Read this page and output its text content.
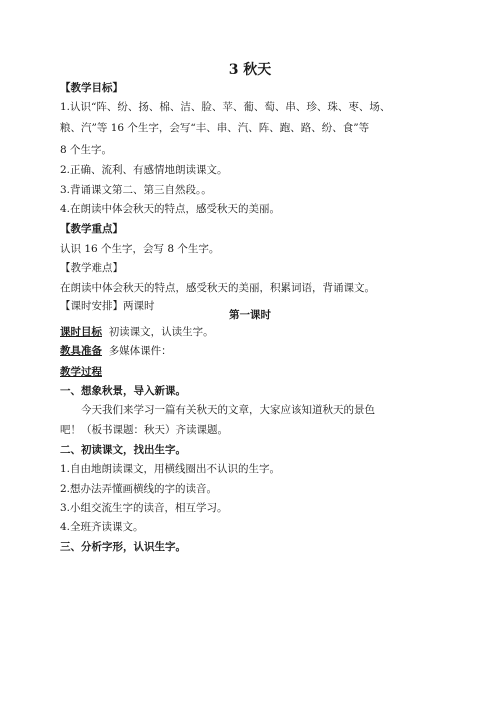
3 秋天
【教学目标】
1.认识“阵、纷、扬、棉、洁、脸、苹、葡、萄、串、珍、珠、枣、场、
粮、汽”等 16 个生字，会写“丰、串、汽、阵、跑、路、纷、食”等
8 个生字。
2.正确、流利、有感情地朗读课文。
3.背诵课文第二、第三自然段。。
4.在朗读中体会秋天的特点，感受秋天的美丽。
【教学重点】
认识 16 个生字，会写 8 个生字。
【教学难点】
在朗读中体会秋天的特点，感受秋天的美丽，积累词语，背诵课文。
【课时安排】两课时
第一课时
课时目标 初读课文，认读生字。
教具准备 多媒体课件：
教学过程
一、想象秋景，导入新课。
今天我们来学习一篇有关秋天的文章，大家应该知道秋天的景色
吧！（板书课题：秋天）齐读课题。
二、初读课文，找出生字。
1.自由地朗读课文，用横线圈出不认识的生字。
2.想办法弄懂画横线的字的读音。
3.小组交流生字的读音，相互学习。
4.全班齐读课文。
三、分析字形，认识生字。
